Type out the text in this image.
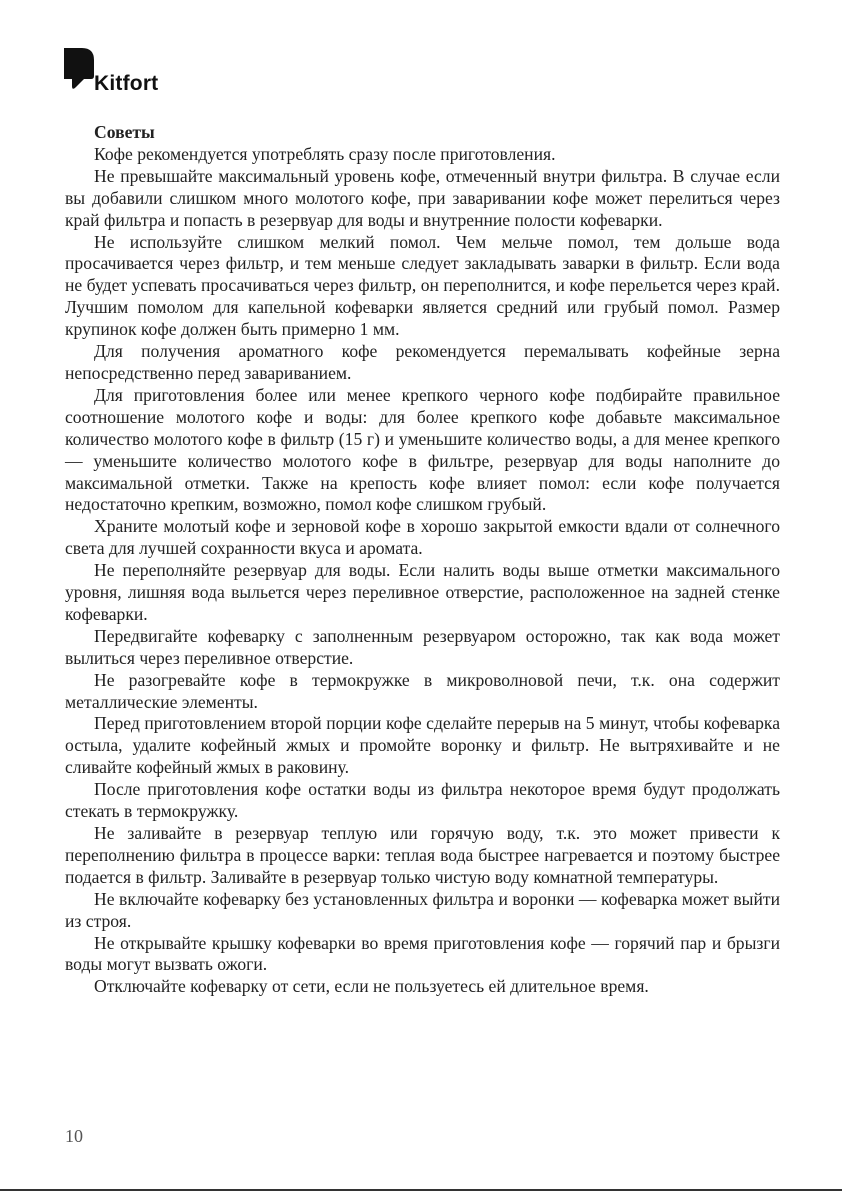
Kitfort

Советы

Кофе рекомендуется употреблять сразу после приготовления.

Не превышайте максимальный уровень кофе, отмеченный внутри фильтра. В случае если вы добавили слишком много молотого кофе, при заваривании кофе может перелиться через край фильтра и попасть в резервуар для воды и внутренние полости кофеварки.

Не используйте слишком мелкий помол. Чем мельче помол, тем дольше вода просачивается через фильтр, и тем меньше следует закладывать заварки в фильтр. Если вода не будет успевать просачиваться через фильтр, он переполнится, и кофе перельется через край. Лучшим помолом для капельной кофеварки является средний или грубый помол. Размер крупинок кофе должен быть примерно 1 мм.

Для получения ароматного кофе рекомендуется перемалывать кофейные зерна непосредственно перед завариванием.

Для приготовления более или менее крепкого черного кофе подбирайте правильное соотношение молотого кофе и воды: для более крепкого кофе добавьте максимальное количество молотого кофе в фильтр (15 г) и уменьшите количество воды, а для менее крепкого — уменьшите количество молотого кофе в фильтре, резервуар для воды наполните до максимальной отметки. Также на крепость кофе влияет помол: если кофе получается недостаточно крепким, возможно, помол кофе слишком грубый.

Храните молотый кофе и зерновой кофе в хорошо закрытой емкости вдали от солнечного света для лучшей сохранности вкуса и аромата.

Не переполняйте резервуар для воды. Если налить воды выше отметки максимального уровня, лишняя вода выльется через переливное отверстие, расположенное на задней стенке кофеварки.

Передвигайте кофеварку с заполненным резервуаром осторожно, так как вода может вылиться через переливное отверстие.

Не разогревайте кофе в термокружке в микроволновой печи, т.к. она содержит металлические элементы.

Перед приготовлением второй порции кофе сделайте перерыв на 5 минут, чтобы кофеварка остыла, удалите кофейный жмых и промойте воронку и фильтр. Не вытряхивайте и не сливайте кофейный жмых в раковину.

После приготовления кофе остатки воды из фильтра некоторое время будут продолжать стекать в термокружку.

Не заливайте в резервуар теплую или горячую воду, т.к. это может привести к переполнению фильтра в процессе варки: теплая вода быстрее нагревается и поэтому быстрее подается в фильтр. Заливайте в резервуар только чистую воду комнатной температуры.

Не включайте кофеварку без установленных фильтра и воронки — кофеварка может выйти из строя.

Не открывайте крышку кофеварки во время приготовления кофе — горячий пар и брызги воды могут вызвать ожоги.

Отключайте кофеварку от сети, если не пользуетесь ей длительное время.

10
